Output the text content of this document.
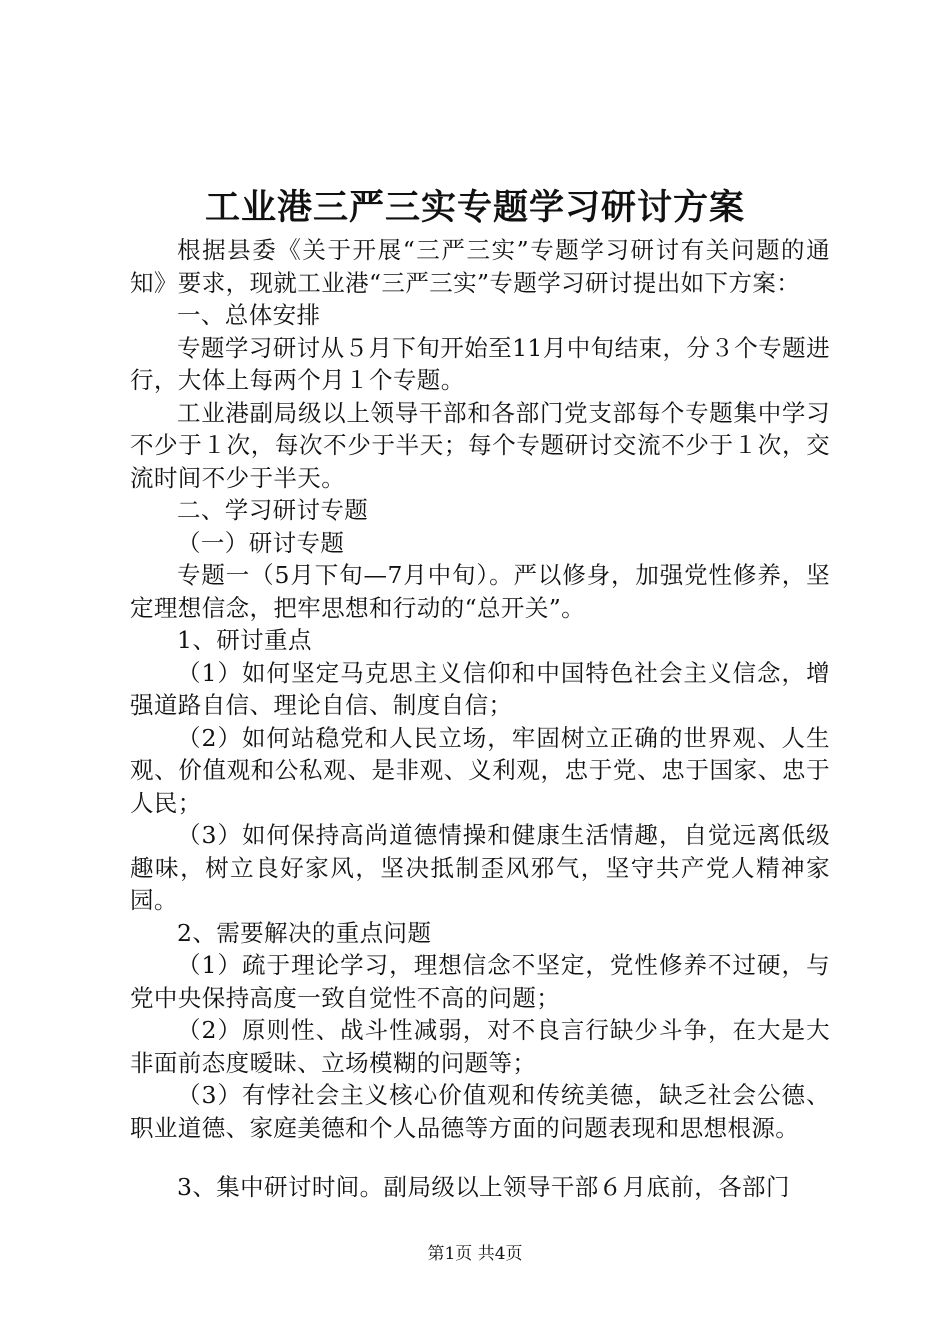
工业港三严三实专题学习研讨方案

根据县委《关于开展“三严三实”专题学习研讨有关问题的通知》要求，现就工业港“三严三实”专题学习研讨提出如下方案：

一、总体安排

专题学习研讨从５月下旬开始至11月中旬结束，分３个专题进行，大体上每两个月１个专题。

工业港副局级以上领导干部和各部门党支部每个专题集中学习不少于１次，每次不少于半天；每个专题研讨交流不少于１次，交流时间不少于半天。

二、学习研讨专题

（一）研讨专题

专题一（5月下旬—7月中旬）。严以修身，加强党性修养，坚定理想信念，把牢思想和行动的“总开关”。

1、研讨重点

（1）如何坚定马克思主义信仰和中国特色社会主义信念，增强道路自信、理论自信、制度自信；

（2）如何站稳党和人民立场，牢固树立正确的世界观、人生观、价值观和公私观、是非观、义利观，忠于党、忠于国家、忠于人民；

（3）如何保持高尚道德情操和健康生活情趣，自觉远离低级趣味，树立良好家风，坚决抵制歪风邪气，坚守共产党人精神家园。

2、需要解决的重点问题

（1）疏于理论学习，理想信念不坚定，党性修养不过硬，与党中央保持高度一致自觉性不高的问题；

（2）原则性、战斗性减弱，对不良言行缺少斗争，在大是大非面前态度暧昧、立场模糊的问题等；

（3）有悖社会主义核心价值观和传统美德，缺乏社会公德、职业道德、家庭美德和个人品德等方面的问题表现和思想根源。

3、集中研讨时间。副局级以上领导干部６月底前，各部门

第1页 共4页
